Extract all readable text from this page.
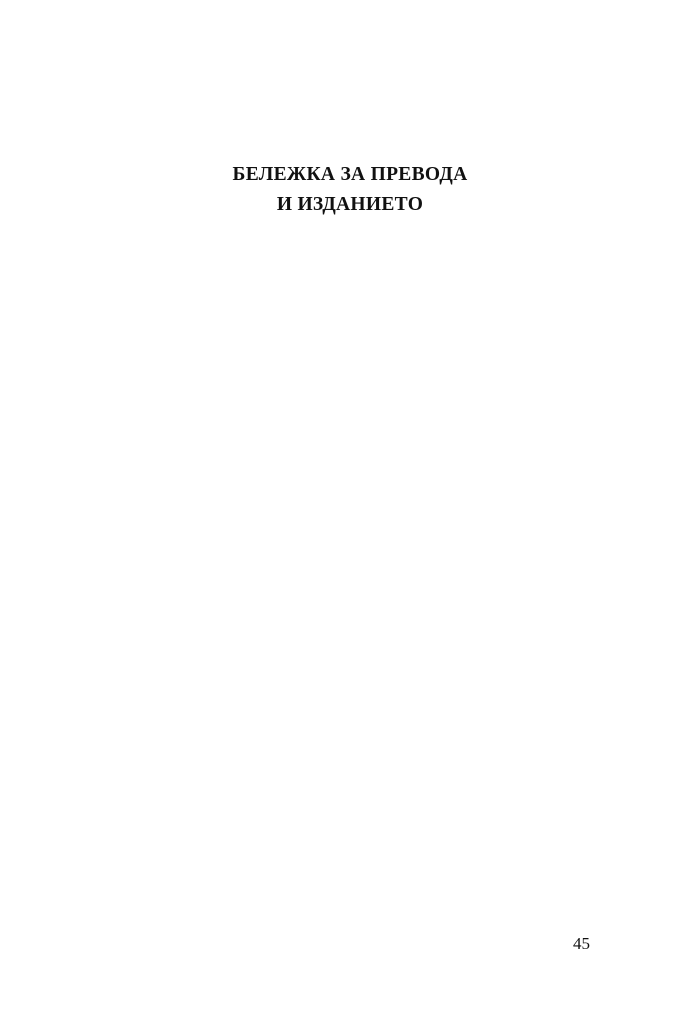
БЕЛЕЖКА ЗА ПРЕВОДА
И ИЗДАНИЕТО

45
